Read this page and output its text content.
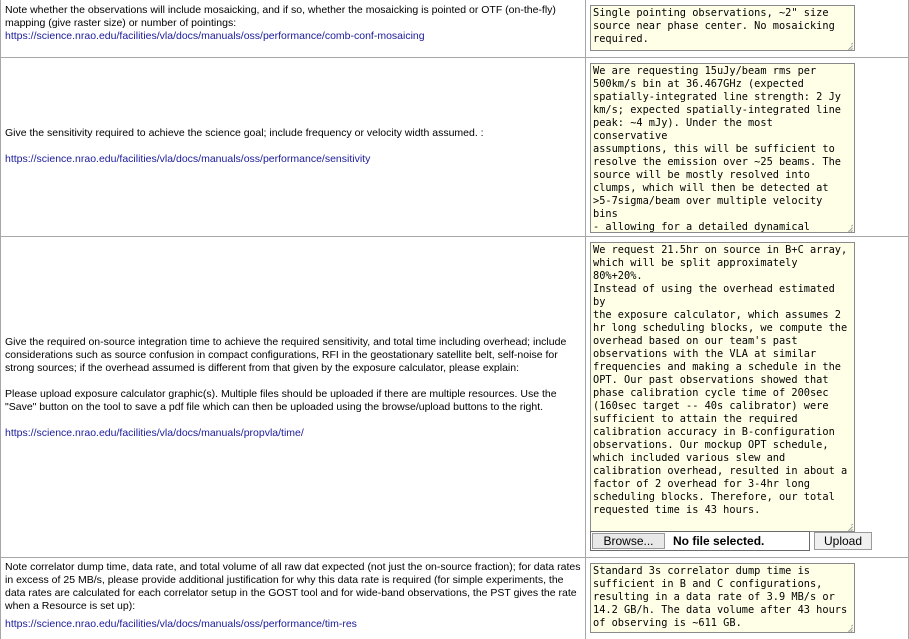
Note whether the observations will include mosaicking, and if so, whether the mosaicking is pointed or OTF (on-the-fly) mapping (give raster size) or number of pointings:

https://science.nrao.edu/facilities/vla/docs/manuals/oss/performance/comb-conf-mosaicing

Single pointing observations, ~2" size
source near phase center. No mosaicking
required.

Give the sensitivity required to achieve the science goal; include frequency or velocity width assumed. :

https://science.nrao.edu/facilities/vla/docs/manuals/oss/performance/sensitivity

We are requesting 15uJy/beam rms per
500km/s bin at 36.467GHz (expected
spatially-integrated line strength: 2 Jy
km/s; expected spatially-integrated line
peak: ~4 mJy). Under the most conservative
assumptions, this will be sufficient to
resolve the emission over ~25 beams. The
source will be mostly resolved into
clumps, which will then be detected at
>5-7sigma/beam over multiple velocity bins
- allowing for a detailed dynamical

Give the required on-source integration time to achieve the required sensitivity, and total time including overhead; include considerations such as source confusion in compact configurations, RFI in the geostationary satellite belt, self-noise for strong sources; if the overhead assumed is different from that given by the exposure calculator, please explain:

Please upload exposure calculator graphic(s). Multiple files should be uploaded if there are multiple resources. Use the "Save" button on the tool to save a pdf file which can then be uploaded using the browse/upload buttons to the right.

https://science.nrao.edu/facilities/vla/docs/manuals/propvla/time/

We request 21.5hr on source in B+C array,
which will be split approximately 80%+20%.
Instead of using the overhead estimated by
the exposure calculator, which assumes 2
hr long scheduling blocks, we compute the
overhead based on our team's past
observations with the VLA at similar
frequencies and making a schedule in the
OPT. Our past observations showed that
phase calibration cycle time of 200sec
(160sec target -- 40s calibrator) were
sufficient to attain the required
calibration accuracy in B-configuration
observations. Our mockup OPT schedule,
which included various slew and
calibration overhead, resulted in about a
factor of 2 overhead for 3-4hr long
scheduling blocks. Therefore, our total
requested time is 43 hours.

Browse...	No file selected.	Upload

Note correlator dump time, data rate, and total volume of all raw dat expected (not just the on-source fraction); for data rates in excess of 25 MB/s, please provide additional justification for why this data rate is required (for simple experiments, the data rates are calculated for each correlator setup in the GOST tool and for wide-band observations, the PST gives the rate when a Resource is set up):

https://science.nrao.edu/facilities/vla/docs/manuals/oss/performance/tim-res

Standard 3s correlator dump time is
sufficient in B and C configurations,
resulting in a data rate of 3.9 MB/s or
14.2 GB/h. The data volume after 43 hours
of observing is ~611 GB.
